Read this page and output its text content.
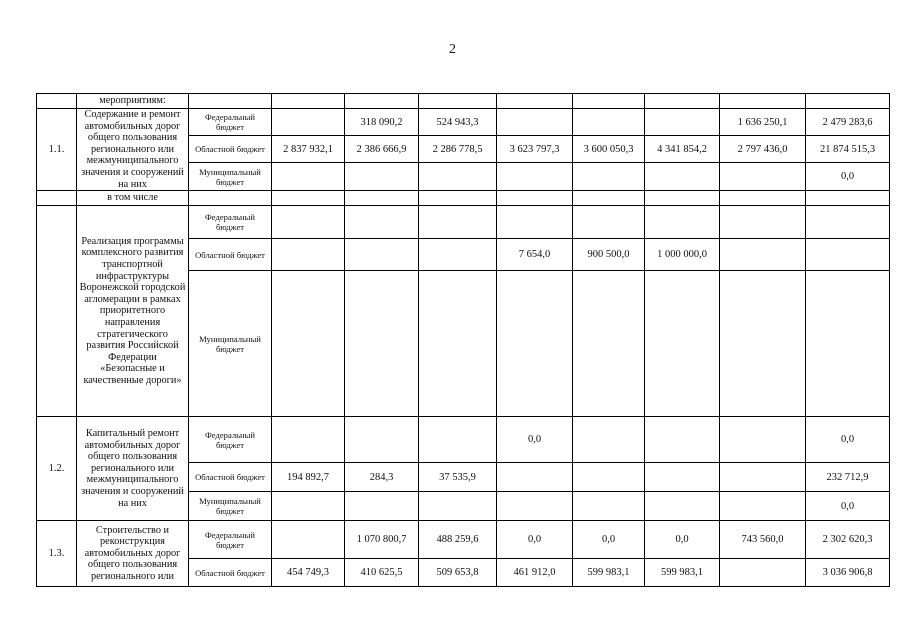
2
	мероприятиям:									
1.1.	Содержание и ремонт автомобильных дорог общего пользования регионального или межмуниципального значения и сооружений на них	Федеральный бюджет		318 090,2	524 943,3				1 636 250,1	2 479 283,6
		Областной бюджет	2 837 932,1	2 386 666,9	2 286 778,5	3 623 797,3	3 600 050,3	4 341 854,2	2 797 436,0	21 874 515,3
		Муниципальный бюджет								0,0
	в том числе									
	Реализация программы комплексного развития транспортной инфраструктуры Воронежской городской агломерации в рамках приоритетного направления стратегического развития Российской Федерации «Безопасные и качественные дороги»	Федеральный бюджет								
		Областной бюджет				7 654,0	900 500,0	1 000 000,0		
		Муниципальный бюджет								
1.2.	Капитальный ремонт автомобильных дорог общего пользования регионального или межмуниципального значения и сооружений на них	Федеральный бюджет				0,0				0,0
		Областной бюджет	194 892,7	284,3	37 535,9					232 712,9
		Муниципальный бюджет								0,0
1.3.	Строительство и реконструкция автомобильных дорог общего пользования регионального или	Федеральный бюджет		1 070 800,7	488 259,6	0,0	0,0	0,0	743 560,0	2 302 620,3
		Областной бюджет	454 749,3	410 625,5	509 653,8	461 912,0	599 983,1	599 983,1		3 036 906,8
